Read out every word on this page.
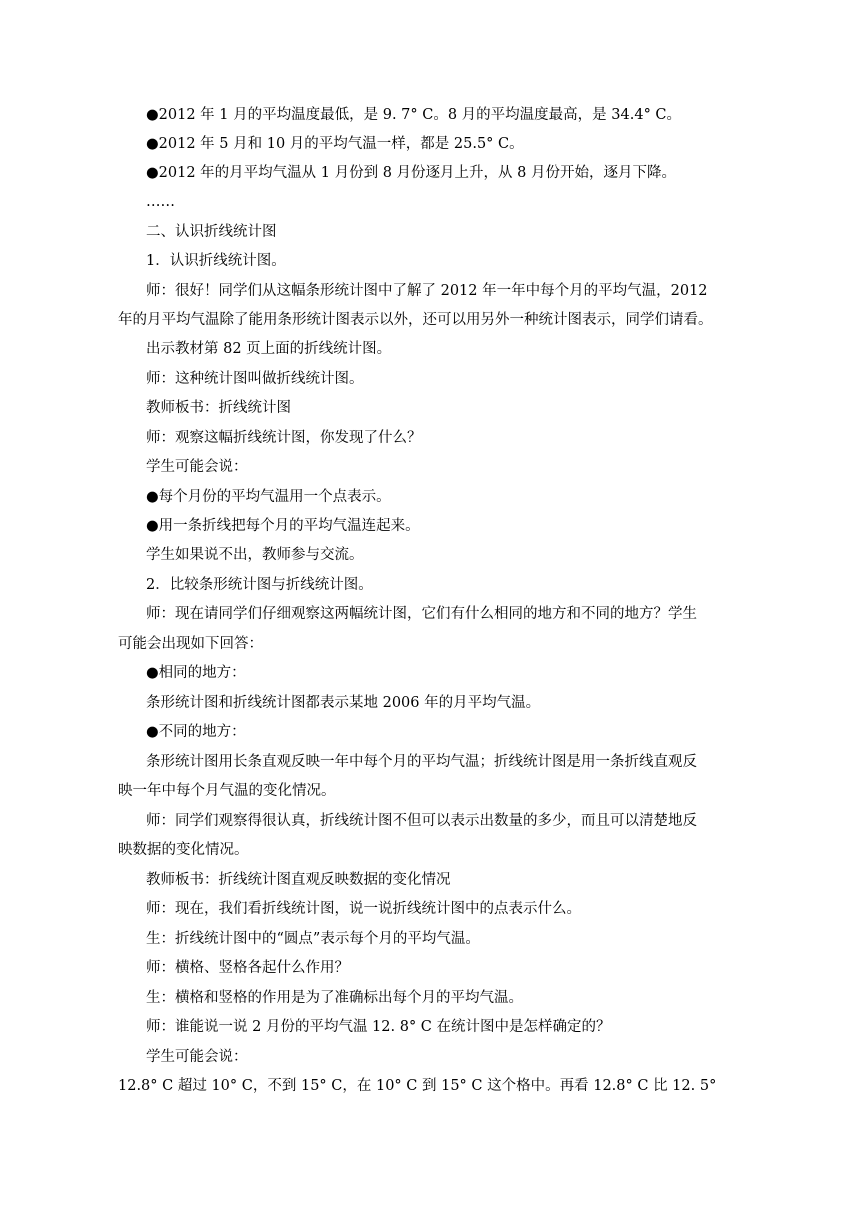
●2012 年 1 月的平均温度最低，是 9. 7° C。8 月的平均温度最高，是 34.4° C。
●2012 年 5 月和 10 月的平均气温一样，都是 25.5° C。
●2012 年的月平均气温从 1 月份到 8 月份逐月上升，从 8 月份开始，逐月下降。
……
二、认识折线统计图
1．认识折线统计图。
师：很好！同学们从这幅条形统计图中了解了 2012 年一年中每个月的平均气温，2012
年的月平均气温除了能用条形统计图表示以外，还可以用另外一种统计图表示，同学们请看。
出示教材第 82 页上面的折线统计图。
师：这种统计图叫做折线统计图。
教师板书：折线统计图
师：观察这幅折线统计图，你发现了什么？
学生可能会说：
●每个月份的平均气温用一个点表示。
●用一条折线把每个月的平均气温连起来。
学生如果说不出，教师参与交流。
2．比较条形统计图与折线统计图。
师：现在请同学们仔细观察这两幅统计图，它们有什么相同的地方和不同的地方？学生
可能会出现如下回答：
●相同的地方：
条形统计图和折线统计图都表示某地 2006 年的月平均气温。
●不同的地方：
条形统计图用长条直观反映一年中每个月的平均气温；折线统计图是用一条折线直观反
映一年中每个月气温的变化情况。
师：同学们观察得很认真，折线统计图不但可以表示出数量的多少，而且可以清楚地反
映数据的变化情况。
教师板书：折线统计图直观反映数据的变化情况
师：现在，我们看折线统计图，说一说折线统计图中的点表示什么。
生：折线统计图中的“圆点”表示每个月的平均气温。
师：横格、竖格各起什么作用？
生：横格和竖格的作用是为了准确标出每个月的平均气温。
师：谁能说一说 2 月份的平均气温 12. 8° C 在统计图中是怎样确定的？
学生可能会说：
12.8° C 超过 10° C，不到 15° C，在 10° C 到 15° C 这个格中。再看 12.8° C 比 12. 5°
